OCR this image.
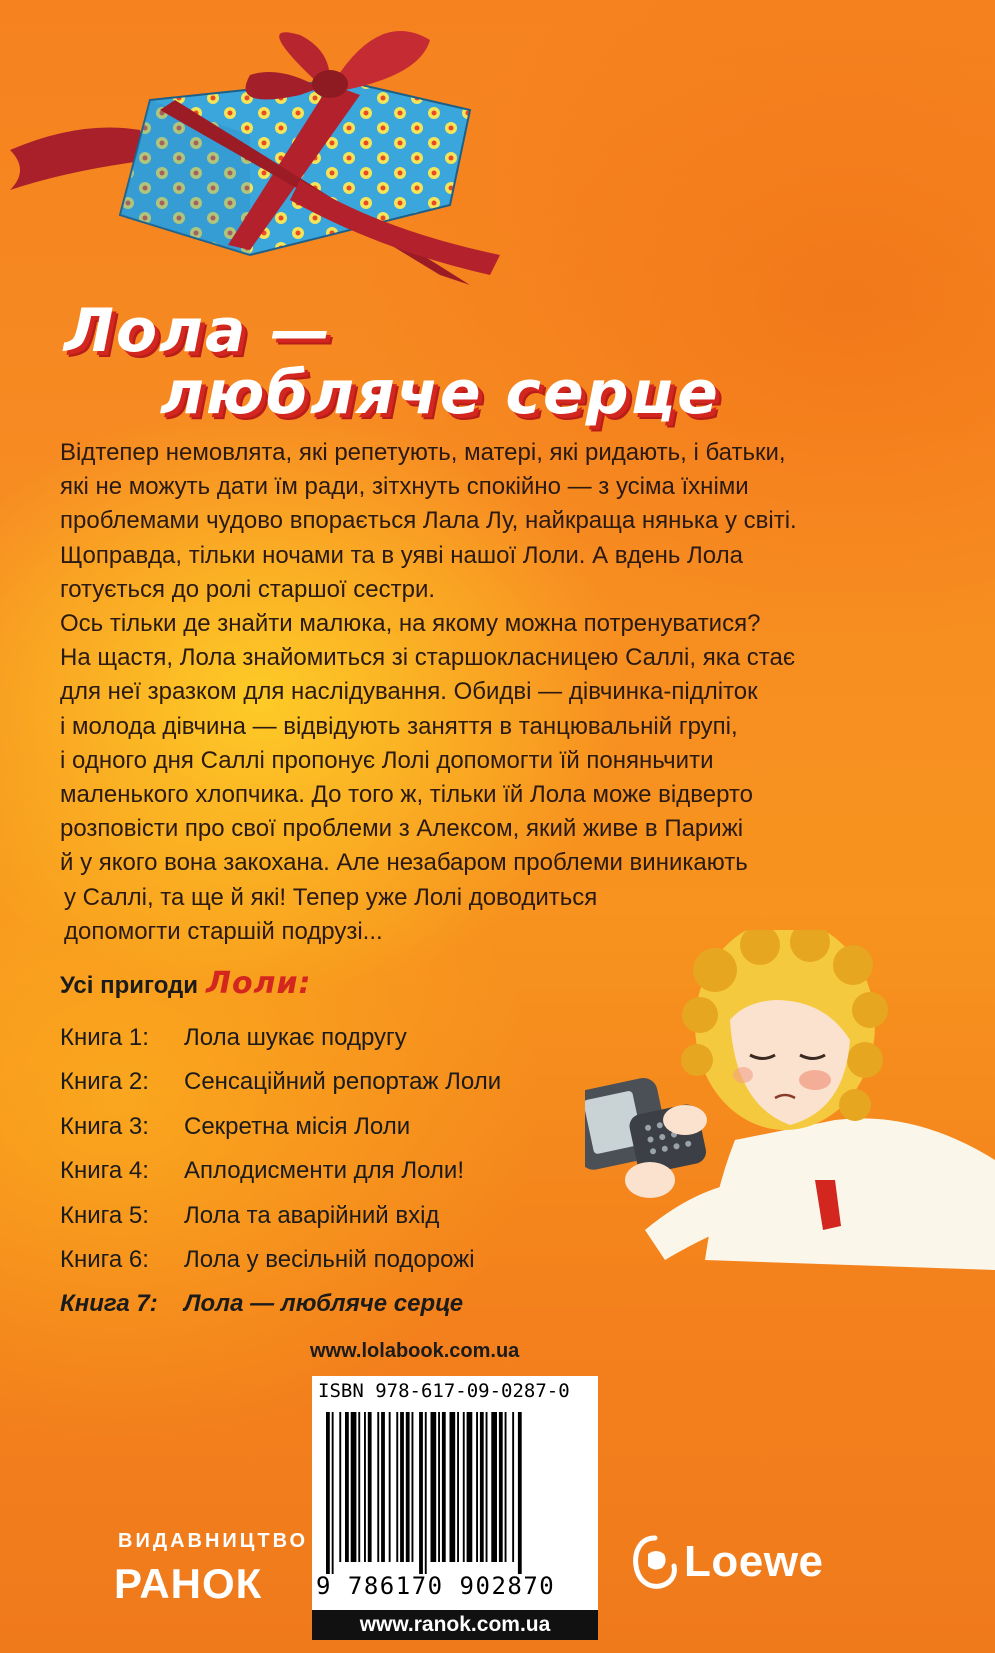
Лола —
любляче серце

Відтепер немовлята, які репетують, матері, які ридають, і батьки,

які не можуть дати їм ради, зітхнуть спокійно — з усіма їхніми

проблемами чудово впорається Лала Лу, найкраща нянька у світі.

Щоправда, тільки ночами та в уяві нашої Лоли. А вдень Лола

готується до ролі старшої сестри.

Ось тільки де знайти малюка, на якому можна потренуватися?

На щастя, Лола знайомиться зі старшокласницею Саллі, яка стає

для неї зразком для наслідування. Обидві — дівчинка-підліток

і молода дівчина — відвідують заняття в танцювальній групі,

і одного дня Саллі пропонує Лолі допомогти їй поняньчити

маленького хлопчика. До того ж, тільки їй Лола може відверто

розповісти про свої проблеми з Алексом, який живе в Парижі

й у якого вона закохана. Але незабаром проблеми виникають

у Саллі, та ще й які! Тепер уже Лолі доводиться

допомогти старшій подрузі...

Усі пригоди Лоли:
Книга 1: Лола шукає подругу
Книга 2: Сенсаційний репортаж Лоли
Книга 3: Секретна місія Лоли
Книга 4: Аплодисменти для Лоли!
Книга 5: Лола та аварійний вхід
Книга 6: Лола у весільній подорожі
Книга 7: Лола — любляче серце
www.lolabook.com.ua
ISBN 978-617-09-0287-0
9 786170 902870
www.ranok.com.ua
ВИДАВНИЦТВО
РАНОК	Loewe
